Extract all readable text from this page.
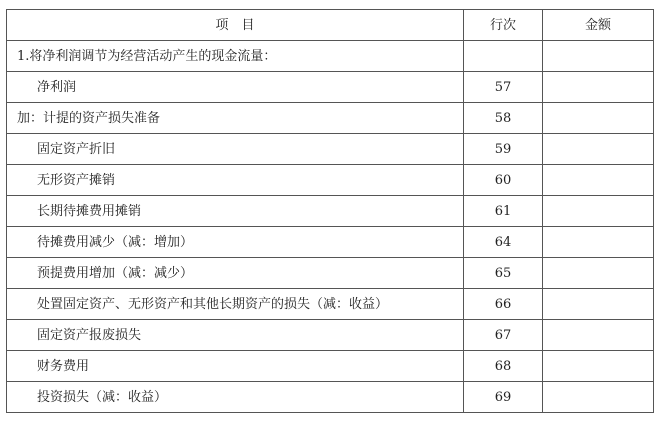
项　目	行次	金额
1.将净利润调节为经营活动产生的现金流量：		
净利润	57	
加：计提的资产损失准备	58	
固定资产折旧	59	
无形资产摊销	60	
长期待摊费用摊销	61	
待摊费用减少（减：增加）	64	
预提费用增加（减：减少）	65	
处置固定资产、无形资产和其他长期资产的损失（减：收益）	66	
固定资产报废损失	67	
财务费用	68	
投资损失（减：收益）	69	
